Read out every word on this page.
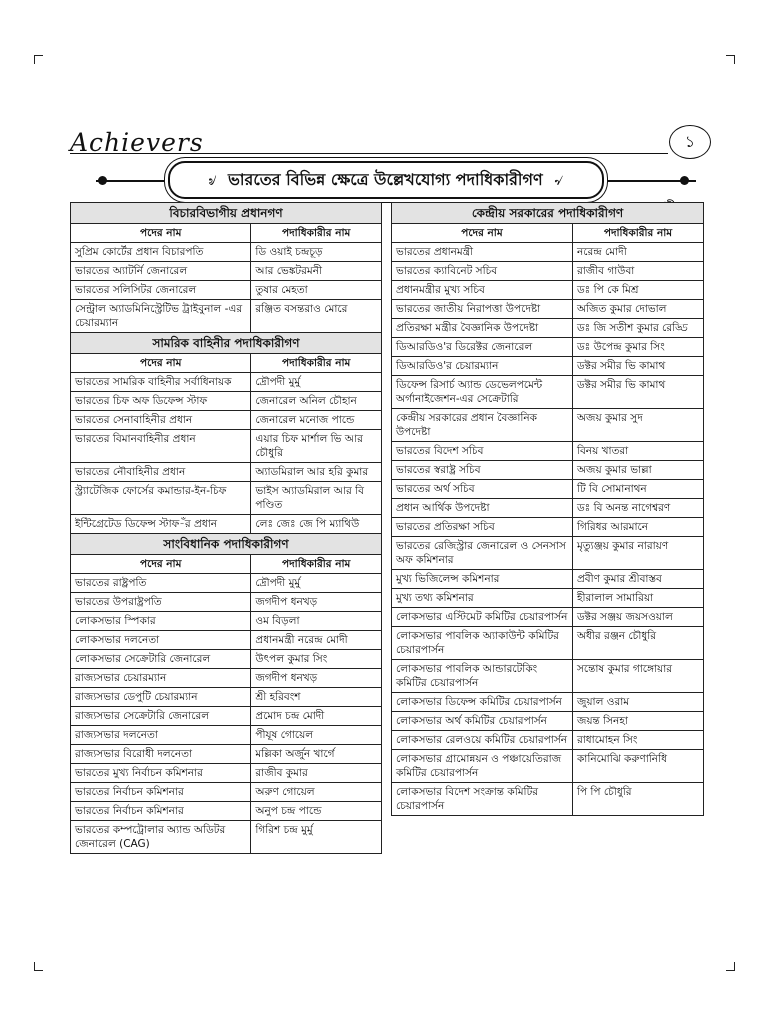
Achievers	১
৶ ভারতের বিভিন্ন ক্ষেত্রে উল্লেখযোগ্য পদাধিকারীগণ ৵
বিচারবিভাগীয় প্রধানগণ	
পদের নাম	পদাধিকারীর নাম
সুপ্রিম কোর্টের প্রধান বিচারপতি	ডি ওয়াই চন্দ্রচূড়
ভারতের অ্যাটর্নি জেনারেল	আর ভেঙ্কটরমনী
ভারতের সলিসিটর জেনারেল	তুষার মেহতা
সেন্ট্রাল অ্যাডমিনিস্ট্রেটিভ ট্রাইবুনাল -এর চেয়ারম্যান	রঞ্জিত বসন্তরাও মোরে
সামরিক বাহিনীর পদাধিকারীগণ	
পদের নাম	পদাধিকারীর নাম
ভারতের সামরিক বাহিনীর সর্বাধিনায়ক	দ্রৌপদী মুর্মু
ভারতের চিফ অফ ডিফেন্স স্টাফ	জেনারেল অনিল চৌহান
ভারতের সেনাবাহিনীর প্রধান	জেনারেল মনোজ পান্ডে
ভারতের বিমানবাহিনীর প্রধান	এয়ার চিফ মার্শাল ভি আর চৌধুরি
ভারতের নৌবাহিনীর প্রধান	অ্যাডমিরাল আর হরি কুমার
স্ট্র্যাটেজিক ফোর্সের কমান্ডার-ইন-চিফ	ভাইস অ্যাডমিরাল আর বি পণ্ডিত
ইন্টিগ্রেটেড ডিফেন্স স্টাফ-ঁর প্রধান	লেঃ জেঃ জে পি ম্যাথিউ
সাংবিধানিক পদাধিকারীগণ	
পদের নাম	পদাধিকারীর নাম
ভারতের রাষ্ট্রপতি	দ্রৌপদী মুর্মু
ভারতের উপরাষ্ট্রপতি	জগদীপ ধনখড়
লোকসভার স্পিকার	ওম বিড়লা
লোকসভার দলনেতা	প্রধানমন্ত্রী নরেন্দ্র মোদী
লোকসভার সেক্রেটারি জেনারেল	উৎপল কুমার সিং
রাজ্যসভার চেয়ারম্যান	জগদীপ ধনখড়
রাজ্যসভার ডেপুটি চেয়ারম্যান	শ্রী হরিবংশ
রাজ্যসভার সেক্রেটারি জেনারেল	প্রমোদ চন্দ্র মোদী
রাজ্যসভার দলনেতা	পীযূষ গোয়েল
রাজ্যসভার বিরোধী দলনেতা	মল্লিকা অর্জুন খার্গে
ভারতের মুখ্য নির্বাচন কমিশনার	রাজীব কুমার
ভারতের নির্বাচন কমিশনার	অরুণ গোয়েল
ভারতের নির্বাচন কমিশনার	অনুপ চন্দ্র পান্ডে
ভারতের কম্পট্রোলার অ্যান্ড অডিটর জেনারেল (CAG)	গিরিশ চন্দ্র মুর্মু
কেন্দ্রীয় সরকারের পদাধিকারীগণ	
পদের নাম	পদাধিকারীর নাম
ভারতের প্রধানমন্ত্রী	নরেন্দ্র মোদী
ভারতের ক্যাবিনেট সচিব	রাজীব গাউবা
প্রধানমন্ত্রীর মুখ্য সচিব	ডঃ পি কে মিশ্র
ভারতের জাতীয় নিরাপত্তা উপদেষ্টা	অজিত কুমার দোভাল
প্রতিরক্ষা মন্ত্রীর বৈজ্ঞানিক উপদেষ্টা	ডঃ জি সতীশ কুমার রেড্ডি
ডিআরডিও'র ডিরেক্টর জেনারেল	ডঃ উপেন্দ্র কুমার সিং
ডিআরডিও'র চেয়ারম্যান	ডক্টর সমীর ভি কামাথ
ডিফেন্স রিসার্চ অ্যান্ড ডেভেলপমেন্ট অর্গানাইজেশন-এর সেক্রেটারি	ডক্টর সমীর ভি কামাথ
কেন্দ্রীয় সরকারের প্রধান বৈজ্ঞানিক উপদেষ্টা	অজয় কুমার সুদ
ভারতের বিদেশ সচিব	বিনয় খাতরা
ভারতের স্বরাষ্ট্র সচিব	অজয় কুমার ভাল্লা
ভারতের অর্থ সচিব	টি বি সোমানাথন
প্রধান আর্থিক উপদেষ্টা	ডঃ বি অনন্ত নাগেশ্বরণ
ভারতের প্রতিরক্ষা সচিব	গিরিধর আরমানে
ভারতের রেজিস্ট্রার জেনারেল ও সেনসাস অফ কমিশনার	মৃত্যুঞ্জয় কুমার নারায়ণ
মুখ্য ভিজিলেন্স কমিশনার	প্রবীণ কুমার শ্রীবাস্তব
মুখ্য তথ্য কমিশনার	হীরালাল সামারিয়া
লোকসভার এস্টিমেট কমিটির চেয়ারপার্সন	ডক্টর সঞ্জয় জয়সওয়াল
লোকসভার পাবলিক অ্যাকাউন্ট কমিটির চেয়ারপার্সন	অধীর রঞ্জন চৌধুরি
লোকসভার পাবলিক আন্ডারটেকিং কমিটির চেয়ারপার্সন	সন্তোষ কুমার গাঙ্গোয়ার
লোকসভার ডিফেন্স কমিটির চেয়ারপার্সন	জুয়াল ওরাম
লোকসভার অর্থ কমিটির চেয়ারপার্সন	জয়ন্ত সিনহা
লোকসভার রেলওয়ে কমিটির চেয়ারপার্সন	রাধামোহন সিং
লোকসভার গ্রামোন্নয়ন ও পঞ্চায়েতিরাজ কমিটির চেয়ারপার্সন	কানিমোঝি করুণানিধি
লোকসভার বিদেশ সংক্রান্ত কমিটির চেয়ারপার্সন	পি পি চৌধুরি
